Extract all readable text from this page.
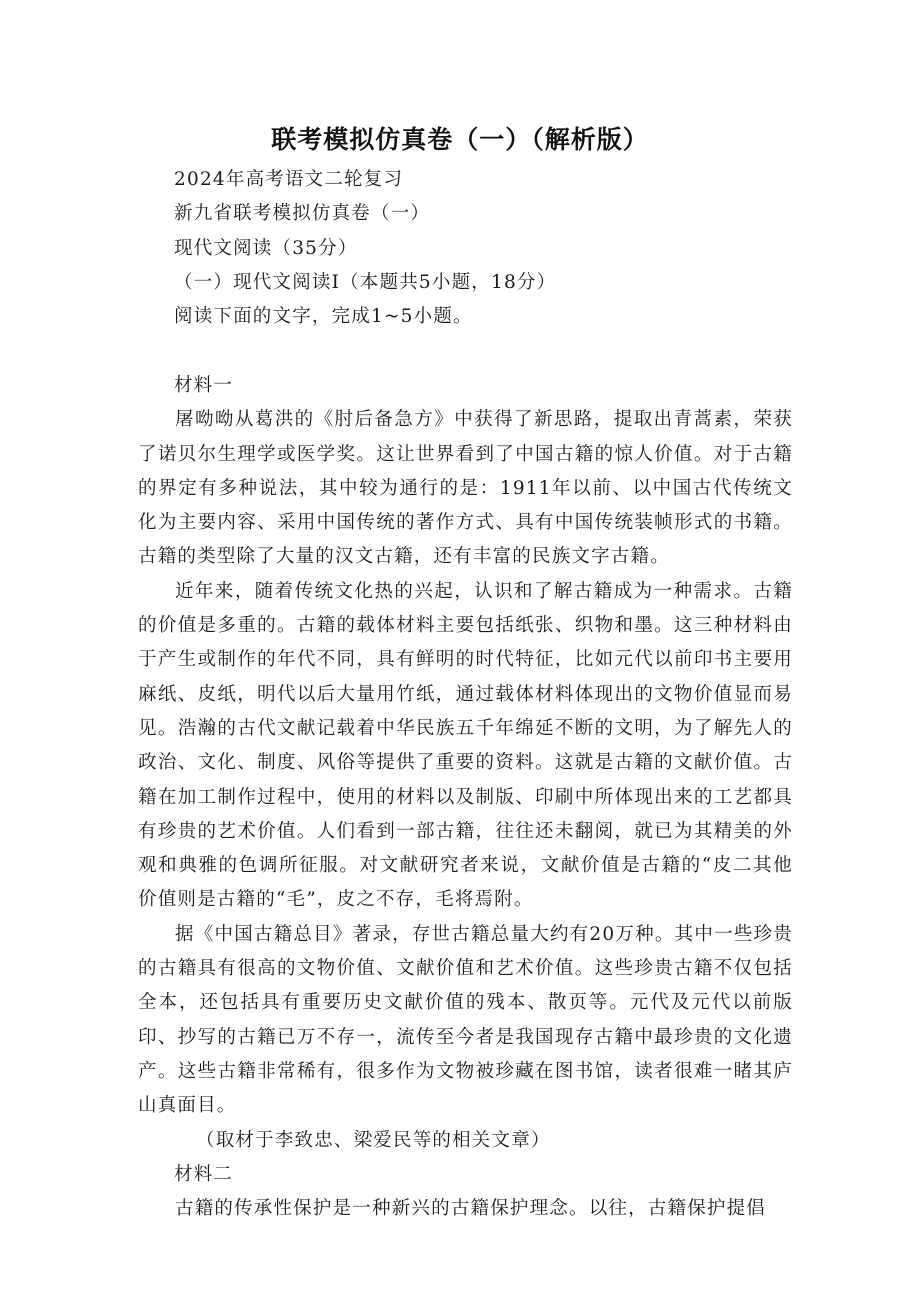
联考模拟仿真卷（一）（解析版）

2024年高考语文二轮复习

新九省联考模拟仿真卷（一）

现代文阅读（35分）

（一）现代文阅读Ⅰ（本题共5小题，18分）

阅读下面的文字，完成1~5小题。

材料一

屠呦呦从葛洪的《肘后备急方》中获得了新思路，提取出青蒿素，荣获了诺贝尔生理学或医学奖。这让世界看到了中国古籍的惊人价值。对于古籍的界定有多种说法，其中较为通行的是：1911年以前、以中国古代传统文化为主要内容、采用中国传统的著作方式、具有中国传统装帧形式的书籍。古籍的类型除了大量的汉文古籍，还有丰富的民族文字古籍。

近年来，随着传统文化热的兴起，认识和了解古籍成为一种需求。古籍的价值是多重的。古籍的载体材料主要包括纸张、织物和墨。这三种材料由于产生或制作的年代不同，具有鲜明的时代特征，比如元代以前印书主要用麻纸、皮纸，明代以后大量用竹纸，通过载体材料体现出的文物价值显而易见。浩瀚的古代文献记载着中华民族五千年绵延不断的文明，为了解先人的政治、文化、制度、风俗等提供了重要的资料。这就是古籍的文献价值。古籍在加工制作过程中，使用的材料以及制版、印刷中所体现出来的工艺都具有珍贵的艺术价值。人们看到一部古籍，往往还未翻阅，就已为其精美的外观和典雅的色调所征服。对文献研究者来说，文献价值是古籍的“皮二其他价值则是古籍的“毛”，皮之不存，毛将焉附。

据《中国古籍总目》著录，存世古籍总量大约有20万种。其中一些珍贵的古籍具有很高的文物价值、文献价值和艺术价值。这些珍贵古籍不仅包括全本，还包括具有重要历史文献价值的残本、散页等。元代及元代以前版印、抄写的古籍已万不存一，流传至今者是我国现存古籍中最珍贵的文化遗产。这些古籍非常稀有，很多作为文物被珍藏在图书馆，读者很难一睹其庐山真面目。

（取材于李致忠、梁爱民等的相关文章）

材料二

古籍的传承性保护是一种新兴的古籍保护理念。以往，古籍保护提倡
